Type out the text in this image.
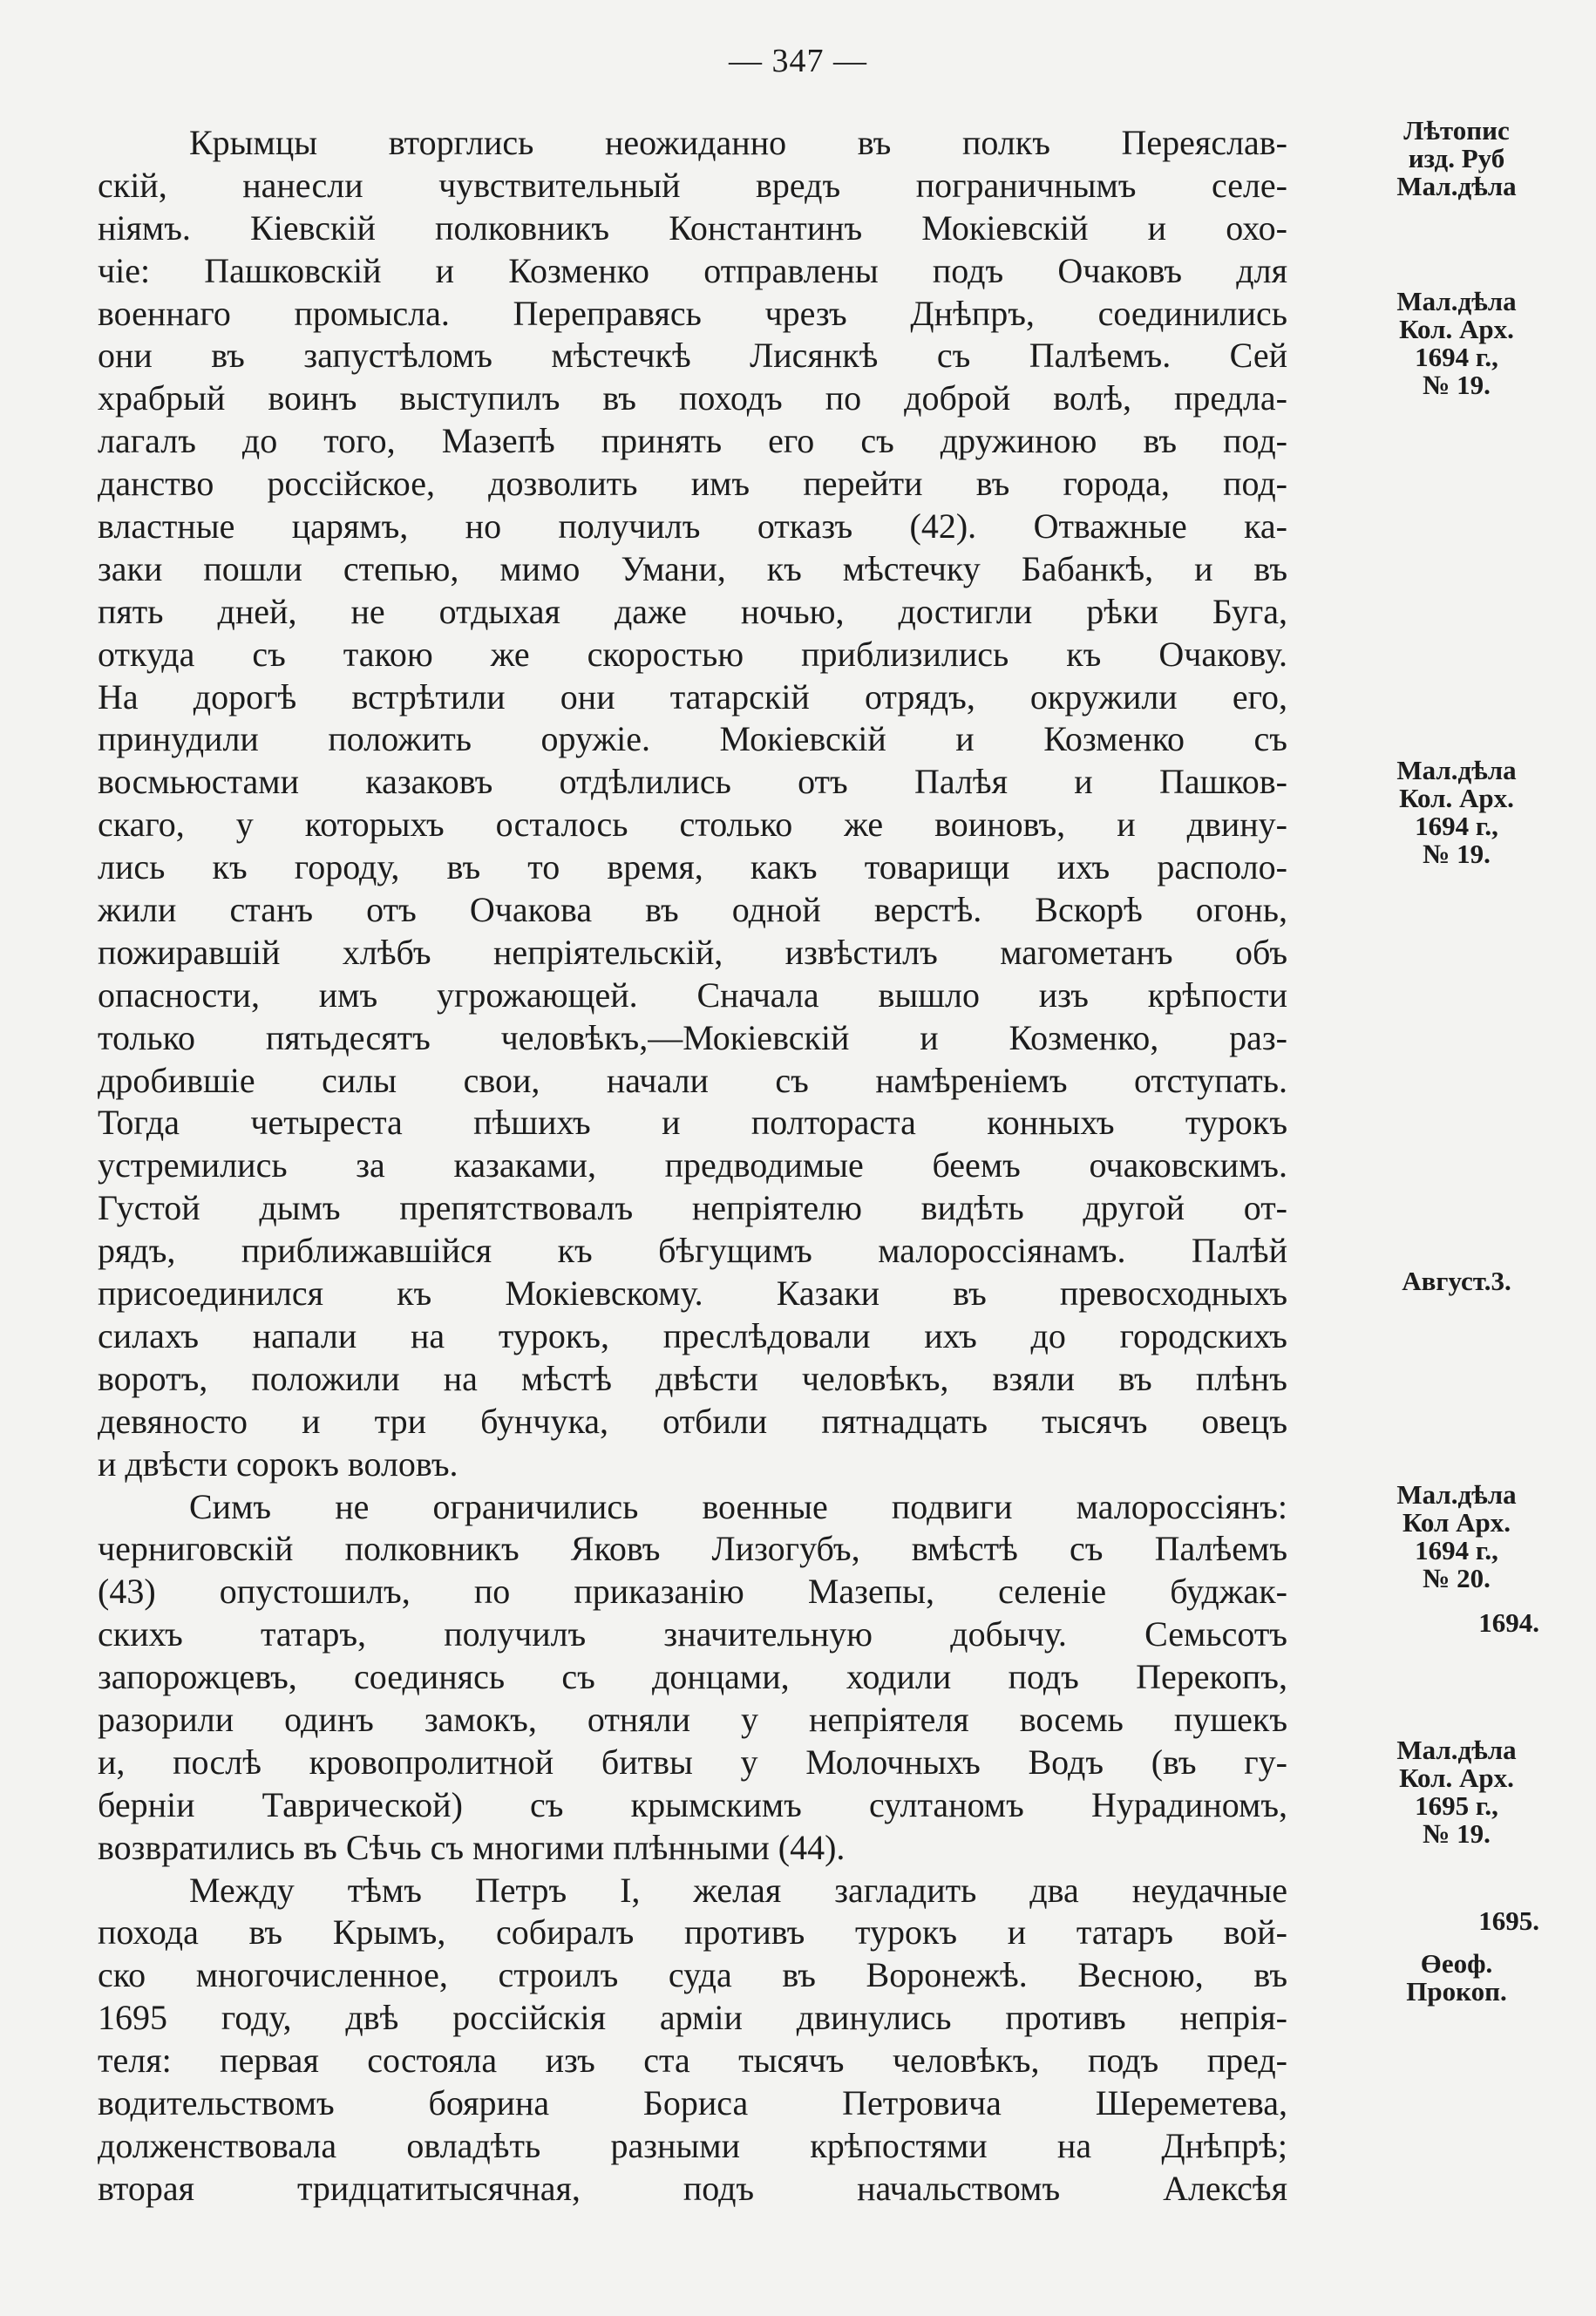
— 347 —
Крымцы вторглись неожиданно въ полкъ Переяслав-
скій, нанесли чувствительный вредъ пограничнымъ селе-
ніямъ. Кіевскій полковникъ Константинъ Мокіевскій и охо-
чіе: Пашковскій и Козменко отправлены подъ Очаковъ для
военнаго промысла. Переправясь чрезъ Днѣпръ, соединились
они въ запустѣломъ мѣстечкѣ Лисянкѣ съ Палѣемъ. Сей
храбрый воинъ выступилъ въ походъ по доброй волѣ, предла-
лагалъ до того, Мазепѣ принять его съ дружиною въ под-
данство россійское, дозволить имъ перейти въ города, под-
властные царямъ, но получилъ отказъ (42). Отважные ка-
заки пошли степью, мимо Умани, къ мѣстечку Бабанкѣ, и въ
пять дней, не отдыхая даже ночью, достигли рѣки Буга,
откуда съ такою же скоростью приблизились къ Очакову.
На дорогѣ встрѣтили они татарскій отрядъ, окружили его,
принудили положить оружіе. Мокіевскій и Козменко съ
восмьюстами казаковъ отдѣлились отъ Палѣя и Пашков-
скаго, у которыхъ осталось столько же воиновъ, и двину-
лись къ городу, въ то время, какъ товарищи ихъ располо-
жили станъ отъ Очакова въ одной верстѣ. Вскорѣ огонь,
пожиравшій хлѣбъ непріятельскій, извѣстилъ магометанъ объ
опасности, имъ угрожающей. Сначала вышло изъ крѣпости
только пятьдесятъ человѣкъ,—Мокіевскій и Козменко, раз-
дробившіе силы свои, начали съ намѣреніемъ отступать.
Тогда четыреста пѣшихъ и полтораста конныхъ турокъ
устремились за казаками, предводимые беемъ очаковскимъ.
Густой дымъ препятствовалъ непріятелю видѣть другой от-
рядъ, приближавшійся къ бѣгущимъ малороссіянамъ. Палѣй
присоединился къ Мокіевскому. Казаки въ превосходныхъ
силахъ напали на турокъ, преслѣдовали ихъ до городскихъ
воротъ, положили на мѣстѣ двѣсти человѣкъ, взяли въ плѣнъ
девяносто и три бунчука, отбили пятнадцать тысячъ овецъ
и двѣсти сорокъ воловъ.
Симъ не ограничились военные подвиги малороссіянъ:
черниговскій полковникъ Яковъ Лизогубъ, вмѣстѣ съ Палѣемъ
(43) опустошилъ, по приказанію Мазепы, селеніе буджак-
скихъ татаръ, получилъ значительную добычу. Семьсотъ
запорожцевъ, соединясь съ донцами, ходили подъ Перекопъ,
разорили одинъ замокъ, отняли у непріятеля восемь пушекъ
и, послѣ кровопролитной битвы у Молочныхъ Водъ (въ гу-
берніи Таврической) съ крымскимъ султаномъ Нурадиномъ,
возвратились въ Сѣчь съ многими плѣнными (44).
Между тѣмъ Петръ I, желая загладить два неудачные
похода въ Крымъ, собиралъ противъ турокъ и татаръ вой-
ско многочисленное, строилъ суда въ Воронежѣ. Весною, въ
1695 году, двѣ россійскія арміи двинулись противъ непрія-
теля: первая состояла изъ ста тысячъ человѣкъ, подъ пред-
водительствомъ боярина Бориса Петровича Шереметева,
долженствовала овладѣть разными крѣпостями на Днѣпрѣ;
вторая тридцатитысячная, подъ начальствомъ Алексѣя
Лѣтопис
изд. Руб
Мал.дѣла
Мал.дѣла
Кол. Арх.
1694 г.,
№ 19.
Мал.дѣла
Кол. Арх.
1694 г.,
№ 19.
Август.3.
Мал.дѣла
Кол Арх.
1694 г.,
№ 20.
1694.
Мал.дѣла
Кол. Арх.
1695 г.,
№ 19.
1695.
Өеоф.
Прокоп.
